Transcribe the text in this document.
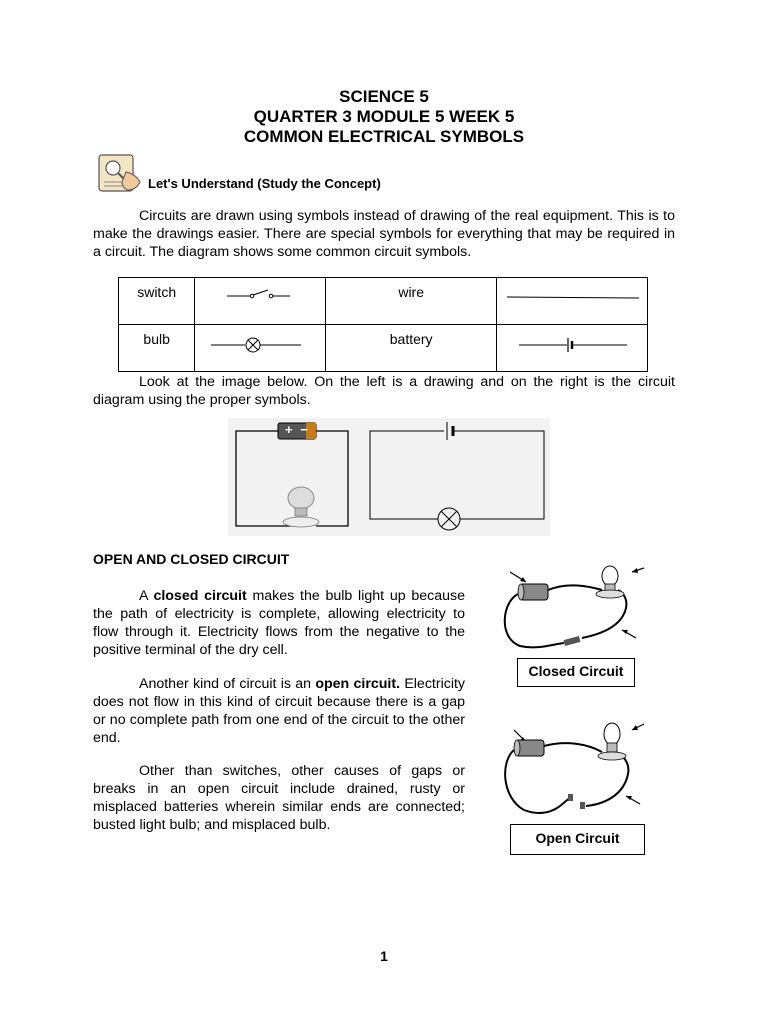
SCIENCE 5
QUARTER 3 MODULE 5 WEEK 5
COMMON ELECTRICAL SYMBOLS
Let's Understand (Study the Concept)
Circuits are drawn using symbols instead of drawing of the real equipment. This is to make the drawings easier. There are special symbols for everything that may be required in a circuit. The diagram shows some common circuit symbols.
switch		wire	
bulb		battery	
Look at the image below. On the left is a drawing and on the right is the circuit diagram using the proper symbols.
+ −
OPEN AND CLOSED CIRCUIT
A closed circuit makes the bulb light up because the path of electricity is complete, allowing electricity to flow through it. Electricity flows from the negative to the positive terminal of the dry cell.
Another kind of circuit is an open circuit. Electricity does not flow in this kind of circuit because there is a gap or no complete path from one end of the circuit to the other end.
Other than switches, other causes of gaps or breaks in an open circuit include drained, rusty or misplaced batteries wherein similar ends are connected; busted light bulb; and misplaced bulb.
Closed Circuit
Open Circuit
1
